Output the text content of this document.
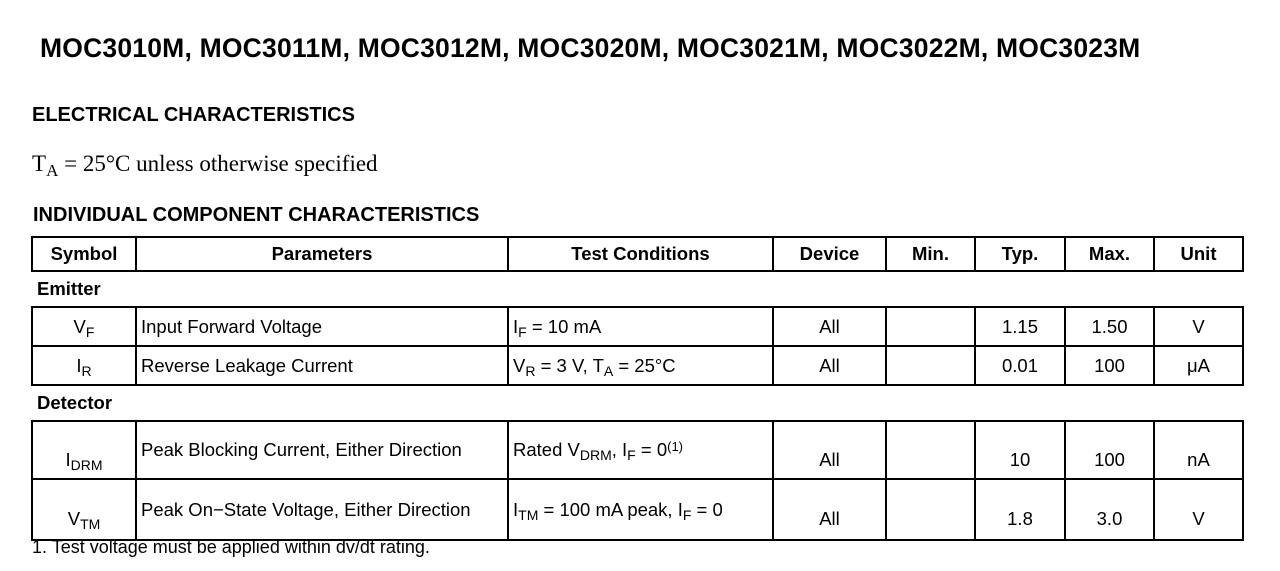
MOC3010M, MOC3011M, MOC3012M, MOC3020M, MOC3021M, MOC3022M, MOC3023M
ELECTRICAL CHARACTERISTICS
$T_A = 25^\circ C$ unless otherwise specified
INDIVIDUAL COMPONENT CHARACTERISTICS
Symbol	Parameters	Test Conditions	Device	Min.	Typ.	Max.	Unit
Emitter							
$V_F$	Input Forward Voltage	$I_F = 10$ mA	All		1.15	1.50	V
$I_R$	Reverse Leakage Current	$V_R = 3$ V, $T_A = 25^\circ C$	All		0.01	100	μA
Detector							
$I_{DRM}$	Peak Blocking Current, Either Direction	Rated $V_{DRM}$, $I_F = 0^{(1)}$	All		10	100	nA
$V_{TM}$	Peak On−State Voltage, Either Direction	$I_{TM} = 100$ mA peak, $I_F = 0$	All		1.8	3.0	V
1. Test voltage must be applied within dv/dt rating.
